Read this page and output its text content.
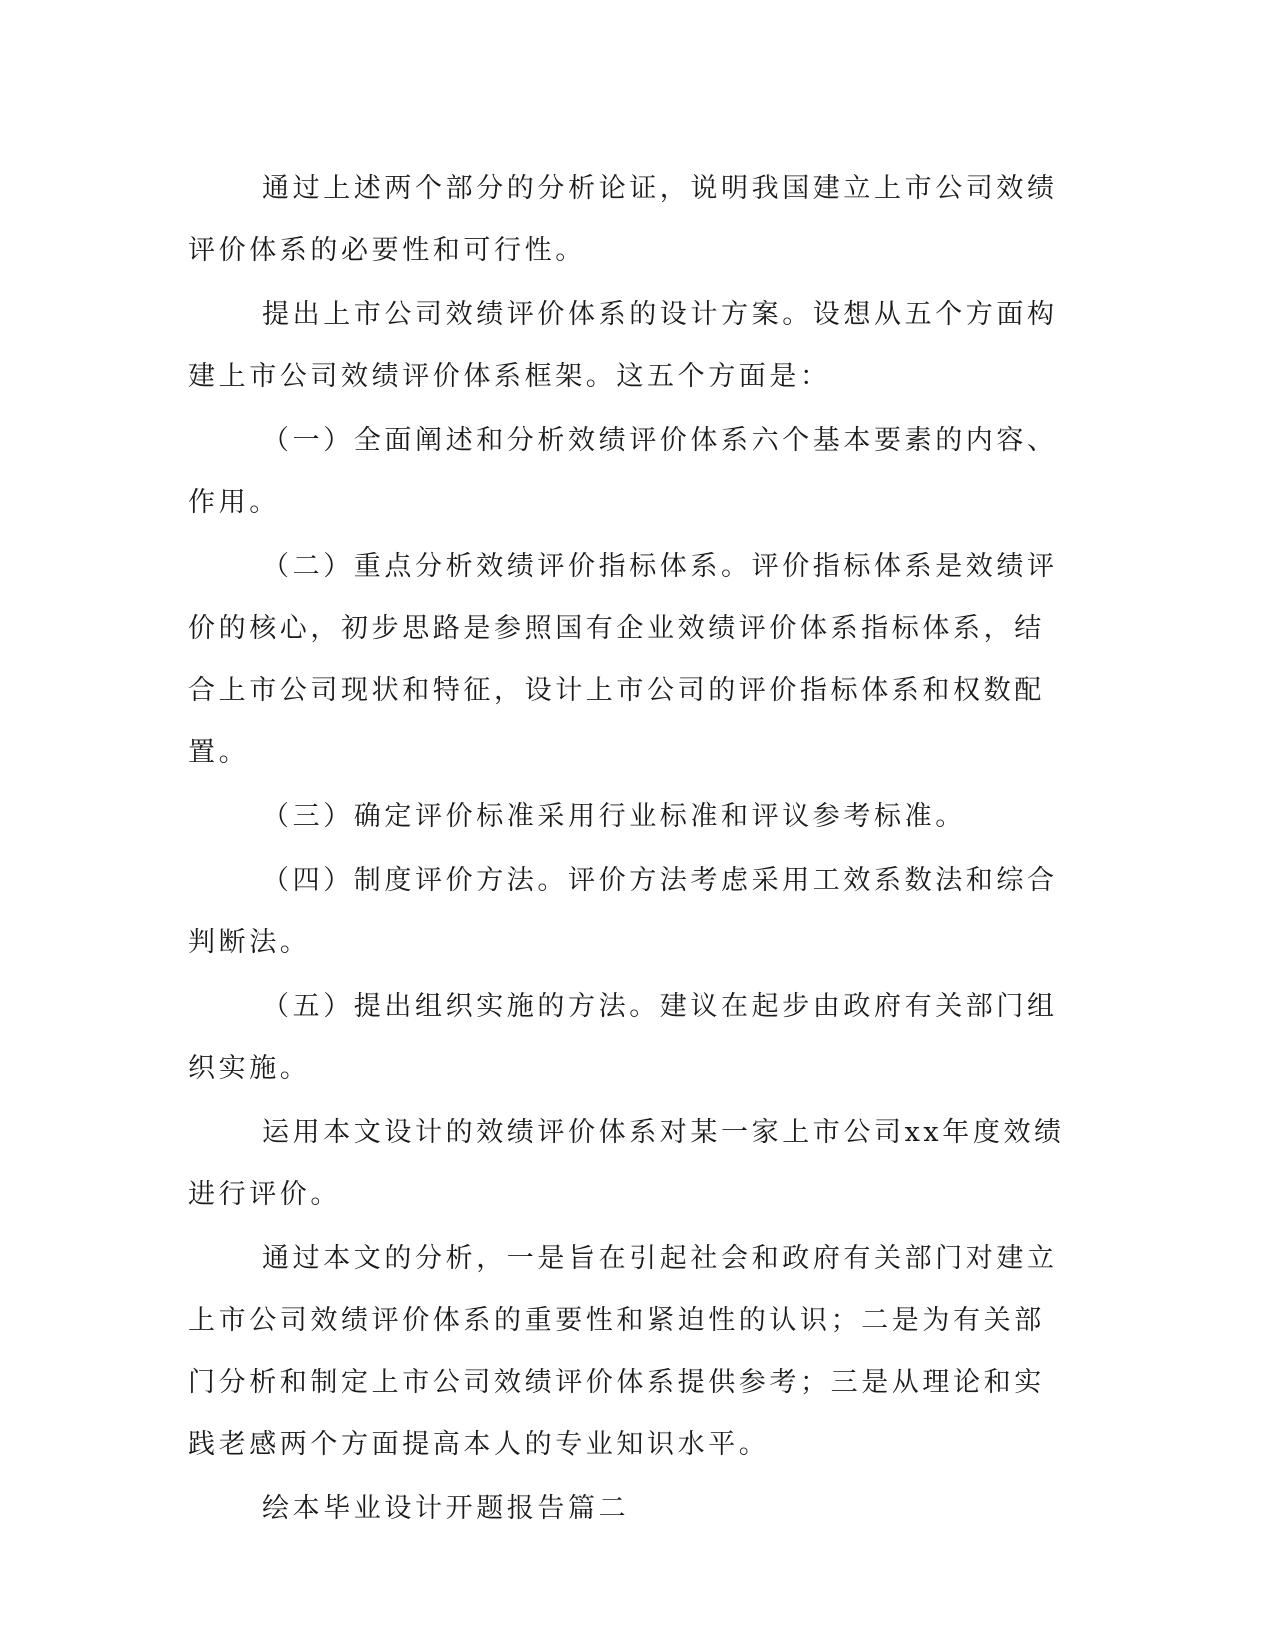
通过上述两个部分的分析论证，说明我国建立上市公司效绩评价体系的必要性和可行性。

提出上市公司效绩评价体系的设计方案。设想从五个方面构建上市公司效绩评价体系框架。这五个方面是：

（一）全面阐述和分析效绩评价体系六个基本要素的内容、作用。

（二）重点分析效绩评价指标体系。评价指标体系是效绩评价的核心，初步思路是参照国有企业效绩评价体系指标体系，结合上市公司现状和特征，设计上市公司的评价指标体系和权数配置。

（三）确定评价标准采用行业标准和评议参考标准。

（四）制度评价方法。评价方法考虑采用工效系数法和综合判断法。

（五）提出组织实施的方法。建议在起步由政府有关部门组织实施。

运用本文设计的效绩评价体系对某一家上市公司xx年度效绩进行评价。

通过本文的分析，一是旨在引起社会和政府有关部门对建立上市公司效绩评价体系的重要性和紧迫性的认识；二是为有关部门分析和制定上市公司效绩评价体系提供参考；三是从理论和实践老感两个方面提高本人的专业知识水平。

绘本毕业设计开题报告篇二
